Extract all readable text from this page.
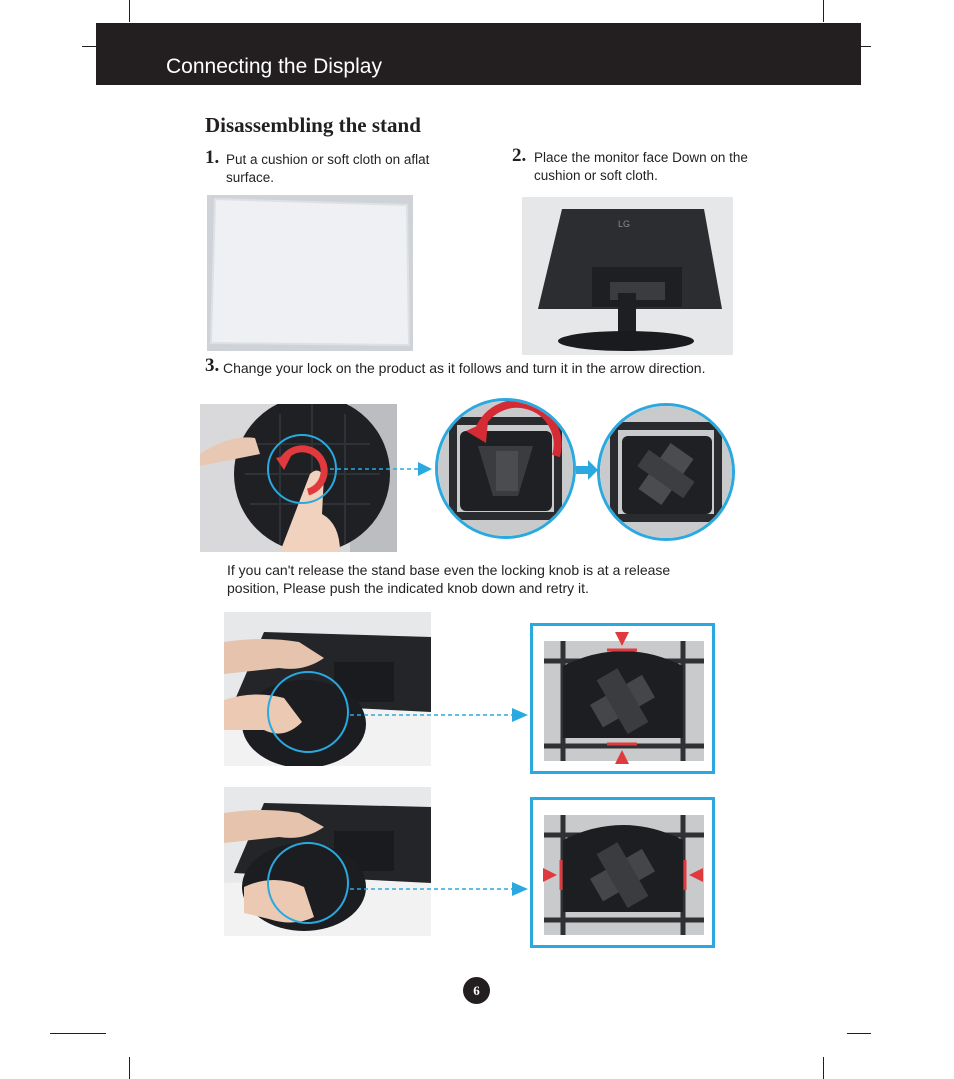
Connecting the Display
Disassembling the stand
1. Put a cushion or soft cloth on aflat
surface.
2. Place the monitor face Down on the
cushion or soft cloth.
LG
3. Change your lock on the product as it follows and turn it in the arrow direction.
If you can't release the stand base even the locking knob is at a release
position, Please push the indicated knob down and retry it.
6
